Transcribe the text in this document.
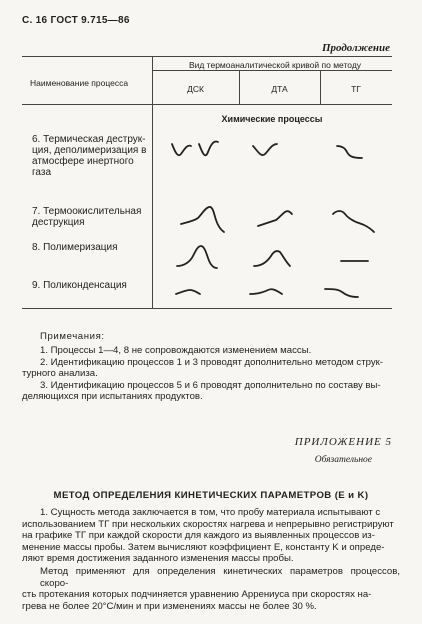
С. 16 ГОСТ 9.715—86
Продолжение
Наименование процесса
Вид термоаналитической кривой по методу
ДСК	ДТА	ТГ
Химические процессы
6. Термическая деструк-
ция, деполимеризация в
атмосфере инертного газа
7. Термоокислительная
деструкция
8. Полимеризация
9. Поликонденсация
Примечания:
1. Процессы 1—4, 8 не сопровождаются изменением массы.
2. Идентификацию процессов 1 и 3 проводят дополнительно методом струк-
турного анализа.
3. Идентификацию процессов 5 и 6 проводят дополнительно по составу вы-
деляющихся при испытаниях продуктов.
ПРИЛОЖЕНИЕ 5
Обязательное
МЕТОД ОПРЕДЕЛЕНИЯ КИНЕТИЧЕСКИХ ПАРАМЕТРОВ (E и K)
1. Сущность метода заключается в том, что пробу материала испытывают с
использованием ТГ при нескольких скоростях нагрева и непрерывно регистрируют
на графике ТГ при каждой скорости для каждого из выявленных процессов из-
менение массы пробы. Затем вычисляют коэффициент E, константу K и опреде-
ляют время достижения заданного изменения массы пробы.
Метод применяют для определения кинетических параметров процессов, скоро-
сть протекания которых подчиняется уравнению Аррениуса при скоростях на-
грева не более 20°С/мин и при изменениях массы не более 30 %.
